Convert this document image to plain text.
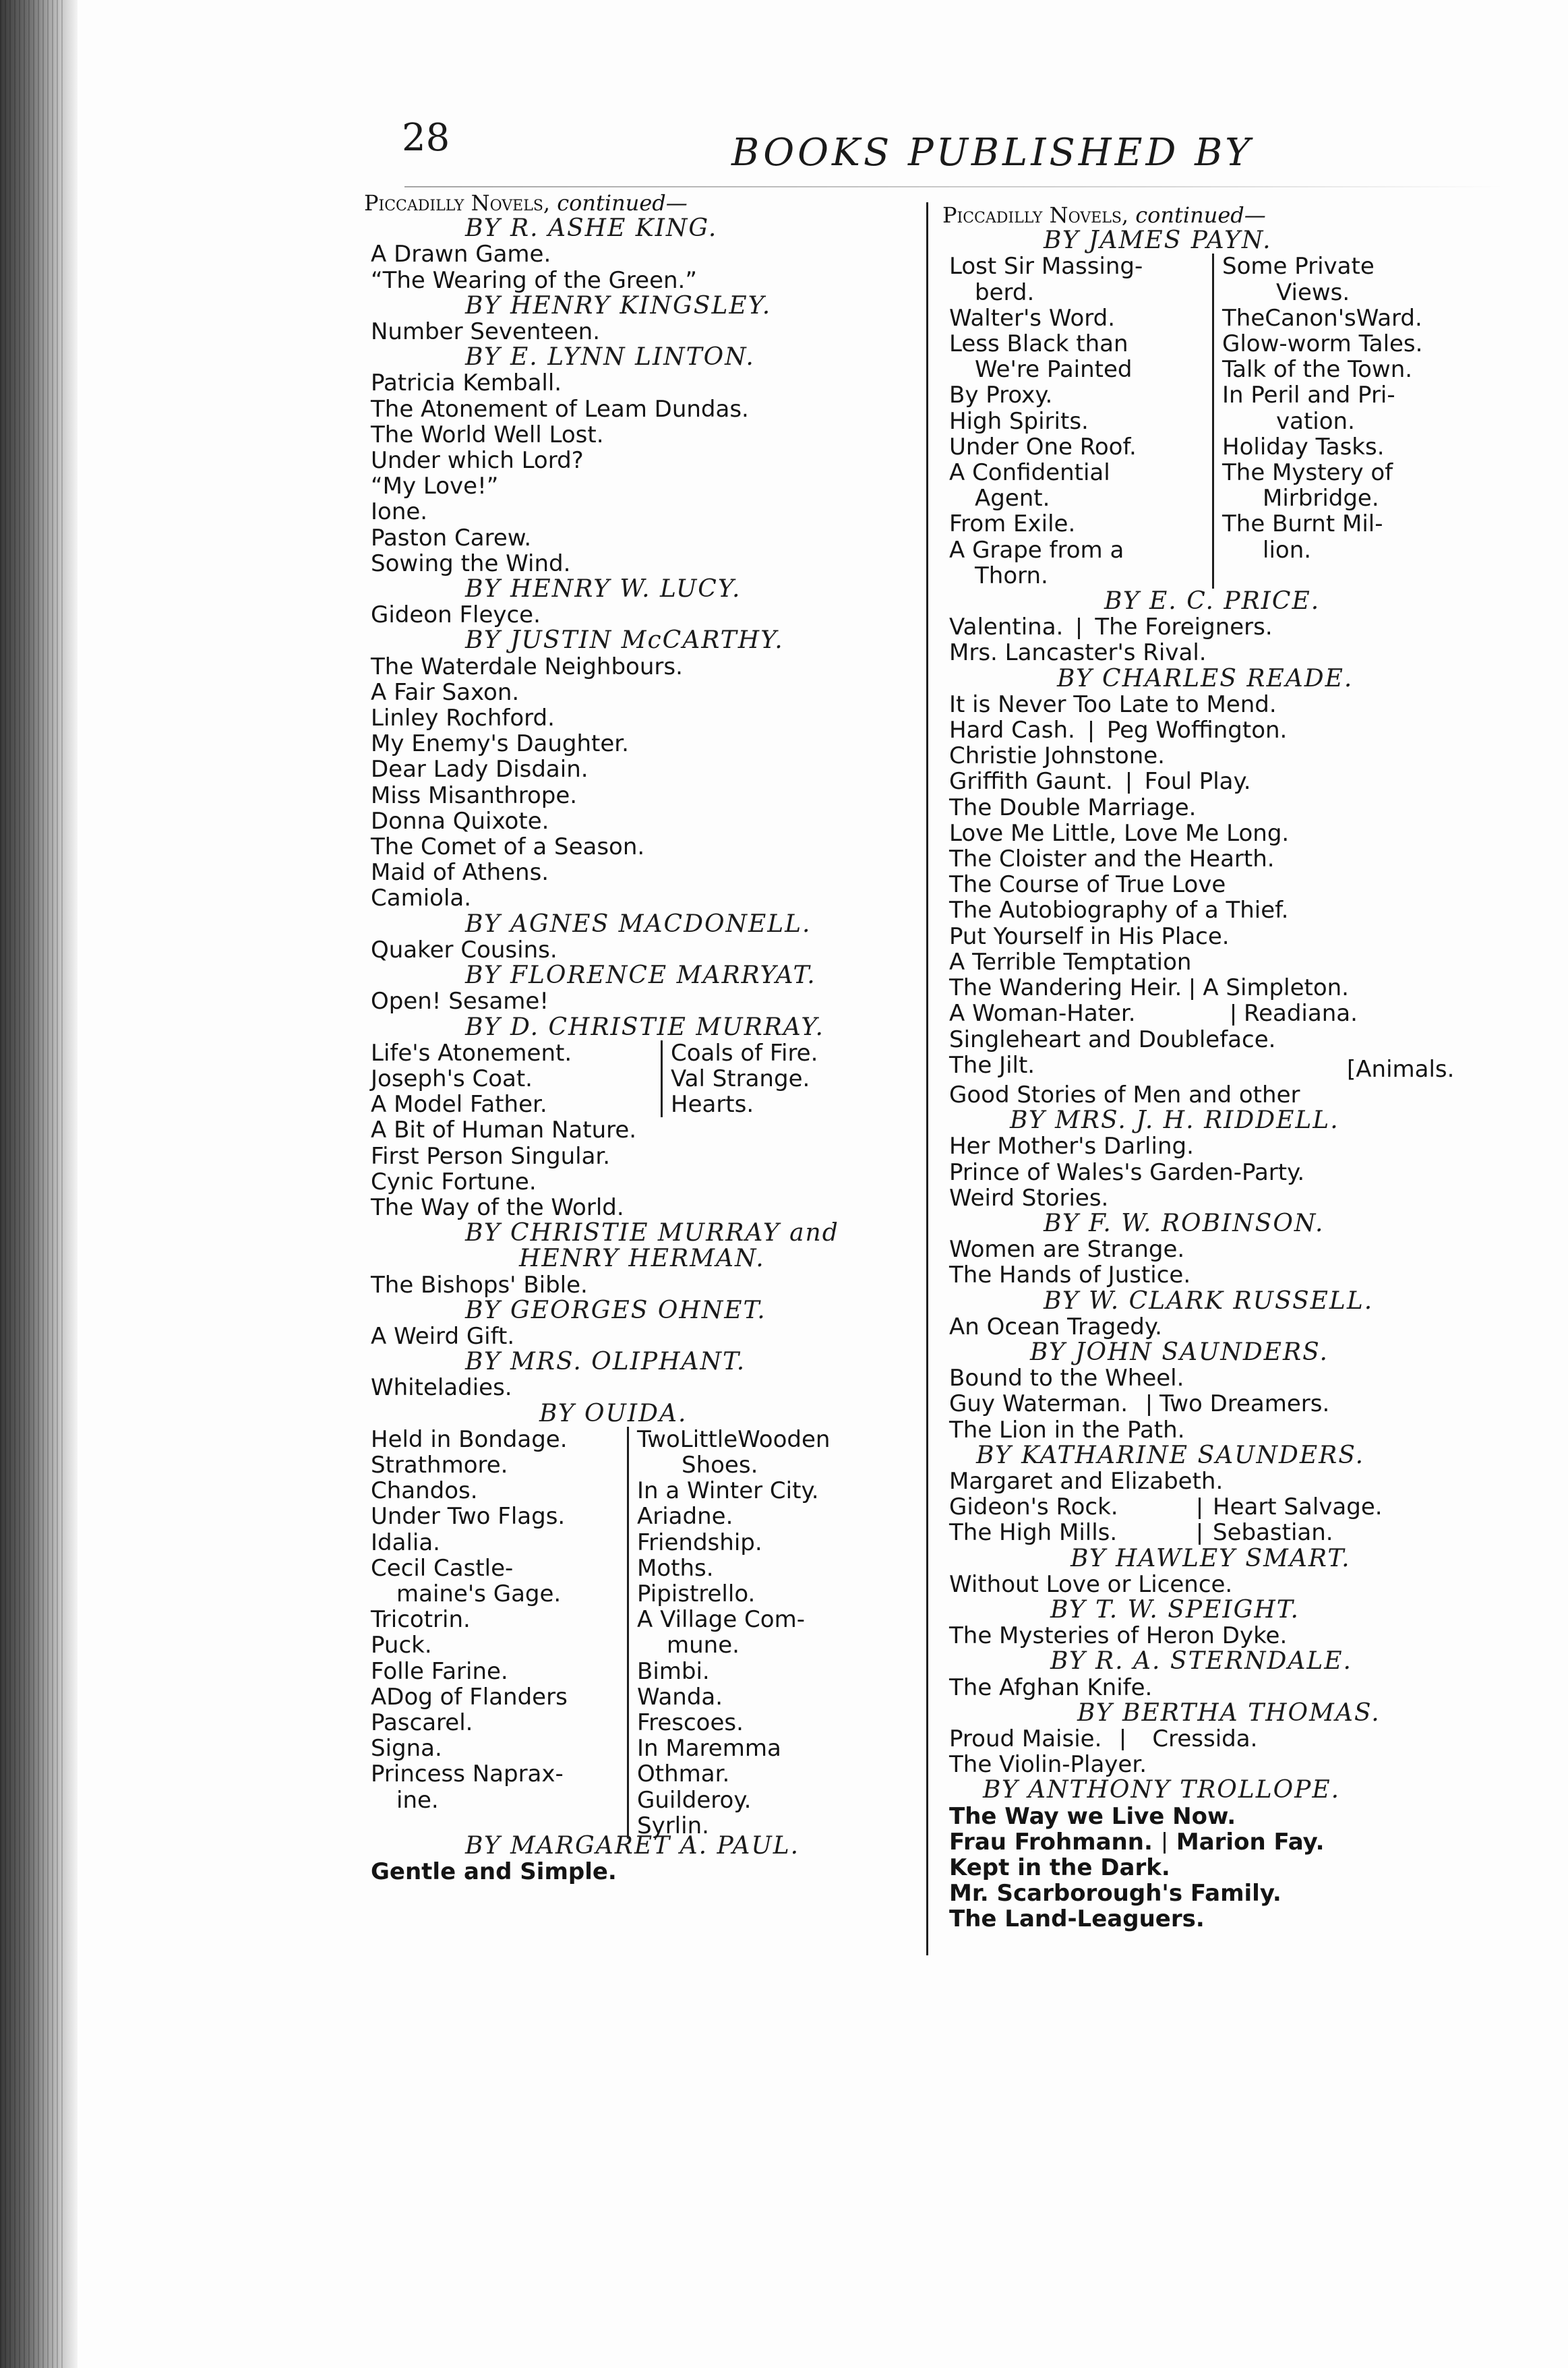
28	BOOKS PUBLISHED BY
Piccadilly Novels, continued—
BY R. ASHE KING.
A Drawn Game.
“The Wearing of the Green.”
BY HENRY KINGSLEY.
Number Seventeen.
BY E. LYNN LINTON.
Patricia Kemball.
The Atonement of Leam Dundas.
The World Well Lost.
Under which Lord?
“My Love!”
Ione.
Paston Carew.
Sowing the Wind.
BY HENRY W. LUCY.
Gideon Fleyce.
BY JUSTIN McCARTHY.
The Waterdale Neighbours.
A Fair Saxon.
Linley Rochford.
My Enemy's Daughter.
Dear Lady Disdain.
Miss Misanthrope.
Donna Quixote.
The Comet of a Season.
Maid of Athens.
Camiola.
BY AGNES MACDONELL.
Quaker Cousins.
BY FLORENCE MARRYAT.
Open! Sesame!
BY D. CHRISTIE MURRAY.
Life's Atonement.
Joseph's Coat.
A Model Father.
Coals of Fire.
Val Strange.
Hearts.
A Bit of Human Nature.
First Person Singular.
Cynic Fortune.
The Way of the World.
BY CHRISTIE MURRAY and
HENRY HERMAN.
The Bishops' Bible.
BY GEORGES OHNET.
A Weird Gift.
BY MRS. OLIPHANT.
Whiteladies.
BY OUIDA.
Held in Bondage.
Strathmore.
Chandos.
Under Two Flags.
Idalia.
Cecil Castle-
maine's Gage.
Tricotrin.
Puck.
Folle Farine.
ADog of Flanders
Pascarel.
Signa.
Princess Naprax-
ine.
TwoLittleWooden
Shoes.
In a Winter City.
Ariadne.
Friendship.
Moths.
Pipistrello.
A Village Com-
mune.
Bimbi.
Wanda.
Frescoes.
In Maremma
Othmar.
Guilderoy.
Syrlin.
BY MARGARET A. PAUL.
Gentle and Simple.
Piccadilly Novels, continued—
BY JAMES PAYN.
Lost Sir Massing-
berd.
Walter's Word.
Less Black than
We're Painted
By Proxy.
High Spirits.
Under One Roof.
A Confidential
Agent.
From Exile.
A Grape from a
Thorn.
Some Private
Views.
TheCanon'sWard.
Glow-worm Tales.
Talk of the Town.
In Peril and Pri-
vation.
Holiday Tasks.
The Mystery of
Mirbridge.
The Burnt Mil-
lion.
BY E. C. PRICE.
Valentina. The Foreigners.
Mrs. Lancaster's Rival.
BY CHARLES READE.
It is Never Too Late to Mend.
Hard Cash. Peg Woffington.
Christie Johnstone.
Griffith Gaunt. Foul Play.
The Double Marriage.
Love Me Little, Love Me Long.
The Cloister and the Hearth.
The Course of True Love
The Autobiography of a Thief.
Put Yourself in His Place.
A Terrible Temptation
The Wandering Heir. A Simpleton.
A Woman-Hater.	Readiana.
Singleheart and Doubleface.
The Jilt.	[Animals.
Good Stories of Men and other
BY MRS. J. H. RIDDELL.
Her Mother's Darling.
Prince of Wales's Garden-Party.
Weird Stories.
BY F. W. ROBINSON.
Women are Strange.
The Hands of Justice.
BY W. CLARK RUSSELL.
An Ocean Tragedy.
BY JOHN SAUNDERS.
Bound to the Wheel.
Guy Waterman. Two Dreamers.
The Lion in the Path.
BY KATHARINE SAUNDERS.
Margaret and Elizabeth.
Gideon's Rock.	Heart Salvage.
The High Mills.	Sebastian.
BY HAWLEY SMART.
Without Love or Licence.
BY T. W. SPEIGHT.
The Mysteries of Heron Dyke.
BY R. A. STERNDALE.
The Afghan Knife.
BY BERTHA THOMAS.
Proud Maisie. Cressida.
The Violin-Player.
BY ANTHONY TROLLOPE.
The Way we Live Now.
Frau Frohmann. Marion Fay.
Kept in the Dark.
Mr. Scarborough's Family.
The Land-Leaguers.
